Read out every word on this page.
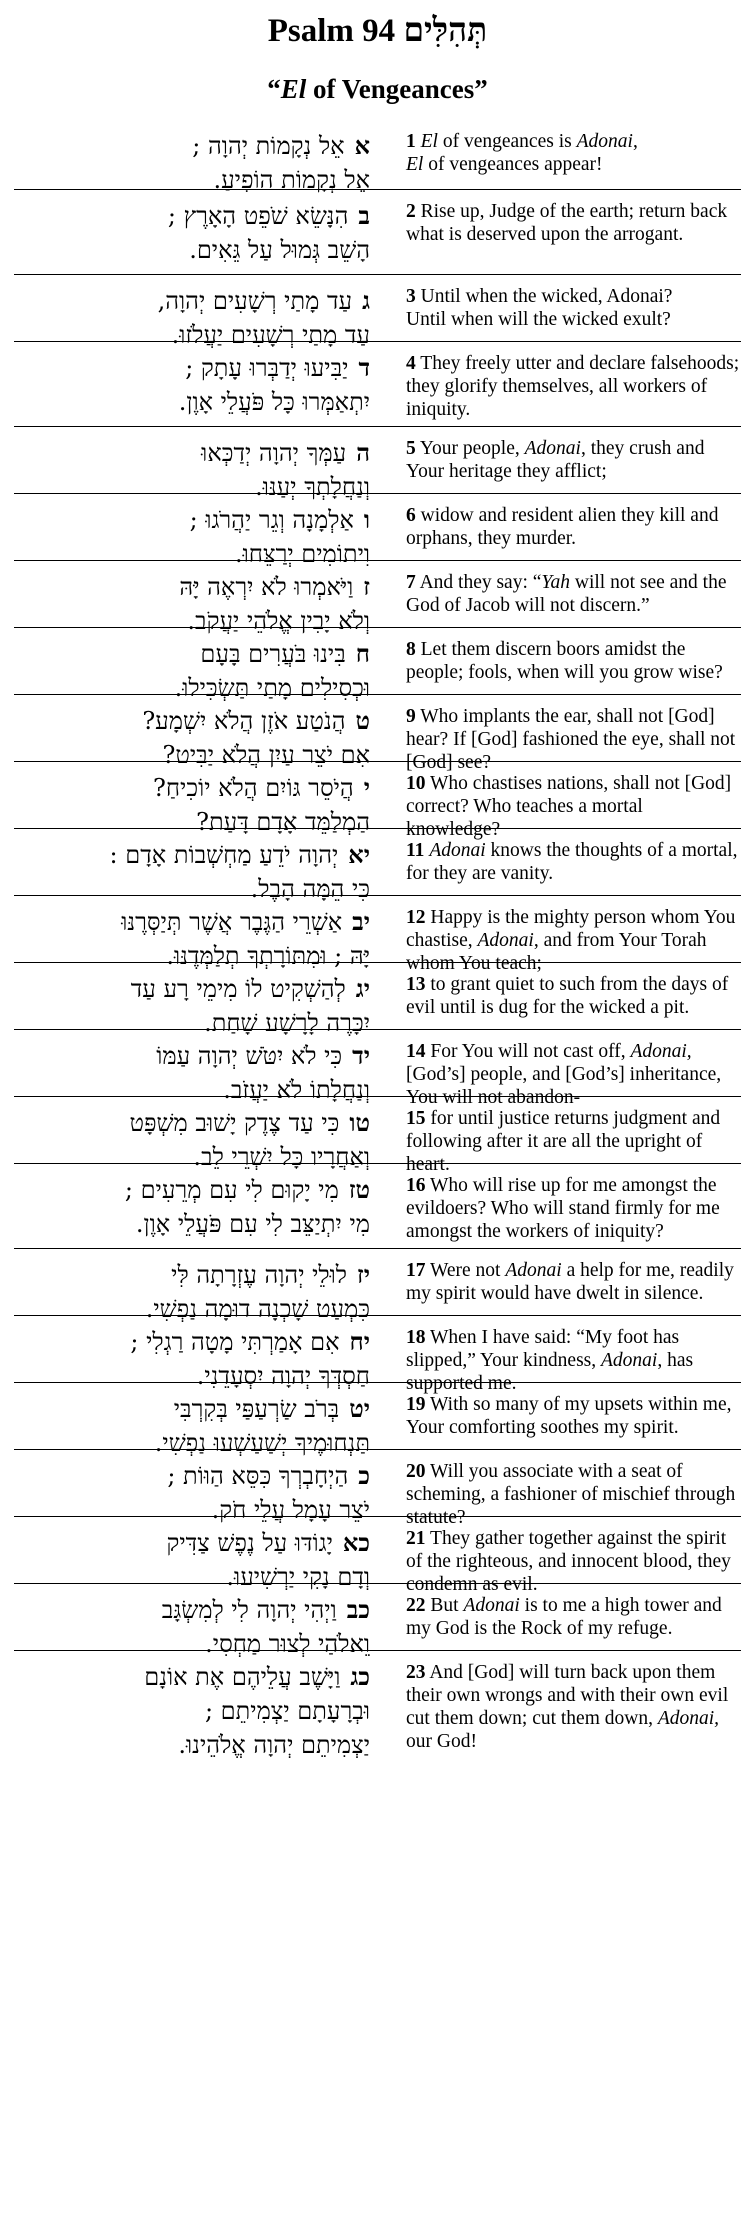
Psalm 94 תְּהִלִּים
“El of Vengeances”
אאֵל נְקָמוֹת יְהוָה ;
אֵל נְקָמוֹת הוֹפִיעַ.
1 El of vengeances is Adonai,
El of vengeances appear!
בהִנָּשֵׂא שֹׁפֵט הָאָרֶץ ;
הָשֵׁב גְּמוּל עַל גֵּאִים.
2 Rise up, Judge of the earth; return back what is deserved upon the arrogant.
געַד מָתַי רְשָׁעִים יְהוָה,
עַד מָתַי רְשָׁעִים יַעֲלֹזוּ.
3 Until when the wicked, Adonai?
Until when will the wicked exult?
דיַבִּיעוּ יְדַבְּרוּ עָתָק ;
יִתְאַמְּרוּ כָּל פֹּעֲלֵי אָוֶן.
4 They freely utter and declare falsehoods; they glorify themselves, all workers of iniquity.
העַמְּךָ יְהוָה יְדַכְּאוּ
וְנַחֲלָתְךָ יְעַנּוּ.
5 Your people, Adonai, they crush and Your heritage they afflict;
ואַלְמָנָה וְגֵר יַהֲרֹגוּ ;
וִיתוֹמִים יְרַצֵּחוּ.
6 widow and resident alien they kill and orphans, they murder.
זוַיֹּאמְרוּ לֹא יִרְאֶה יָּהּ
וְלֹא יָבִין אֱלֹהֵי יַעֲקֹב.
7 And they say: “Yah will not see and the God of Jacob will not discern.”
חבִּינוּ בֹּעֲרִים בָּעָם
וּכְסִילִים מָתַי תַּשְׂכִּילוּ.
8 Let them discern boors amidst the people; fools, when will you grow wise?
טהֲנֹטַע אֹזֶן הֲלֹא יִשְׁמָע?
אִם יֹצֵר עַיִן הֲלֹא יַבִּיט?
9 Who implants the ear, shall not [God] hear? If [God] fashioned the eye, shall not [God] see?
יהֲיֹסֵר גּוֹיִם הֲלֹא יוֹכִיחַ?
הַמְלַמֵּד אָדָם דָּעַת?
10 Who chastises nations, shall not [God] correct? Who teaches a mortal knowledge?
יאיְהוָה יֹדֵעַ מַחְשְׁבוֹת אָדָם :
כִּי הֵמָּה הָבֶל.
11 Adonai knows the thoughts of a mortal, for they are vanity.
יבאַשְׁרֵי הַגֶּבֶר אֲשֶׁר תְּיַסְּרֶנּוּ
יָּהּ ; וּמִתּוֹרָתְךָ תְלַמְּדֶנּוּ.
12 Happy is the mighty person whom You chastise, Adonai, and from Your Torah whom You teach;
יגלְהַשְׁקִיט לוֹ מִימֵי רָע עַד
יִכָּרֶה לָרָשָׁע שָׁחַת.
13 to grant quiet to such from the days of evil until is dug for the wicked a pit.
ידכִּי לֹא יִטֹּשׁ יְהוָה עַמּוֹ
וְנַחֲלָתוֹ לֹא יַעֲזֹב.
14 For You will not cast off, Adonai, [God’s] people, and [God’s] inheritance, You will not abandon-
טוכִּי עַד צֶדֶק יָשׁוּב מִשְׁפָּט
וְאַחֲרָיו כָּל יִשְׁרֵי לֵב.
15 for until justice returns judgment and following after it are all the upright of heart.
טזמִי יָקוּם לִי עִם מְרֵעִים ;
מִי יִתְיַצֵּב לִי עִם פֹּעֲלֵי אָוֶן.
16 Who will rise up for me amongst the evildoers? Who will stand firmly for me amongst the workers of iniquity?
יזלוּלֵי יְהוָה עֶזְרָתָה לִּי
כִּמְעַט שָׁכְנָה דוּמָה נַפְשִׁי.
17 Were not Adonai a help for me, readily my spirit would have dwelt in silence.
יחאִם אָמַרְתִּי מָטָה רַגְלִי ;
חַסְדְּךָ יְהוָה יִסְעָדֵנִי.
18 When I have said: “My foot has slipped,” Your kindness, Adonai, has supported me.
יטבְּרֹב שַׂרְעַפַּי בְּקִרְבִּי
תַּנְחוּמֶיךָ יְשַׁעַשְׁעוּ נַפְשִׁי.
19 With so many of my upsets within me, Your comforting soothes my spirit.
כהַיְחָבְרְךָ כִּסֵּא הַוּוֹת ;
יֹצֵר עָמָל עֲלֵי חֹק.
20 Will you associate with a seat of scheming, a fashioner of mischief through statute?
כאיָגוֹדּוּ עַל נֶפֶשׁ צַדִּיק
וְדָם נָקִי יַרְשִׁיעוּ.
21 They gather together against the spirit of the righteous, and innocent blood, they condemn as evil.
כבוַיְהִי יְהוָה לִי לְמִשְׂגָּב
וֵאלֹהַי לְצוּר מַחְסִי.
22 But Adonai is to me a high tower and my God is the Rock of my refuge.
כגוַיָּשֶׁב עֲלֵיהֶם אֶת אוֹנָם
וּבְרָעָתָם יַצְמִיתֵם ;
יַצְמִיתֵם יְהוָה אֱלֹהֵינוּ.
23 And [God] will turn back upon them their own wrongs and with their own evil cut them down; cut them down, Adonai, our God!
